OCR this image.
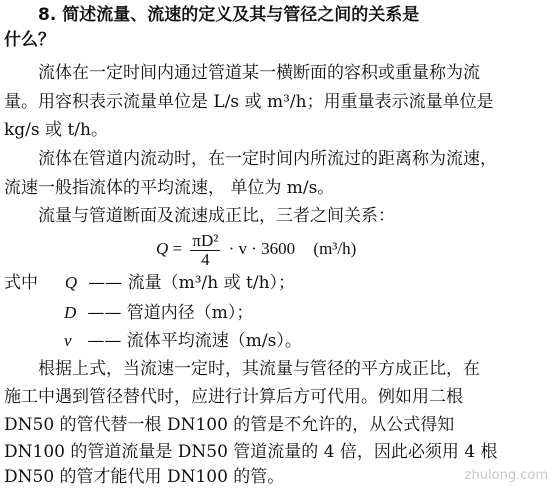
8. 简述流量、流速的定义及其与管径之间的关系是
什么？
流体在一定时间内通过管道某一横断面的容积或重量称为流
量。用容积表示流量单位是 L/s 或 m³/h；用重量表示流量单位是
kg/s 或 t/h。
流体在管道内流动时，在一定时间内所流过的距离称为流速，
流速一般指流体的平均流速， 单位为 m/s。
流量与管道断面及流速成正比，三者之间关系：
$Q = \frac{\text{πD²}}{4} \cdot v \cdot 3600$ (m³/h)
式中 Q —— 流量（m³/h 或 t/h）；
D —— 管道内径（m）；
v —— 流体平均流速（m/s）。
根据上式，当流速一定时，其流量与管径的平方成正比，在
施工中遇到管径替代时，应进行计算后方可代用。例如用二根
DN50 的管代替一根 DN100 的管是不允许的，从公式得知
DN100 的管道流量是 DN50 管道流量的 4 倍，因此必须用 4 根
DN50 的管才能代用 DN100 的管。	zhulong.com
